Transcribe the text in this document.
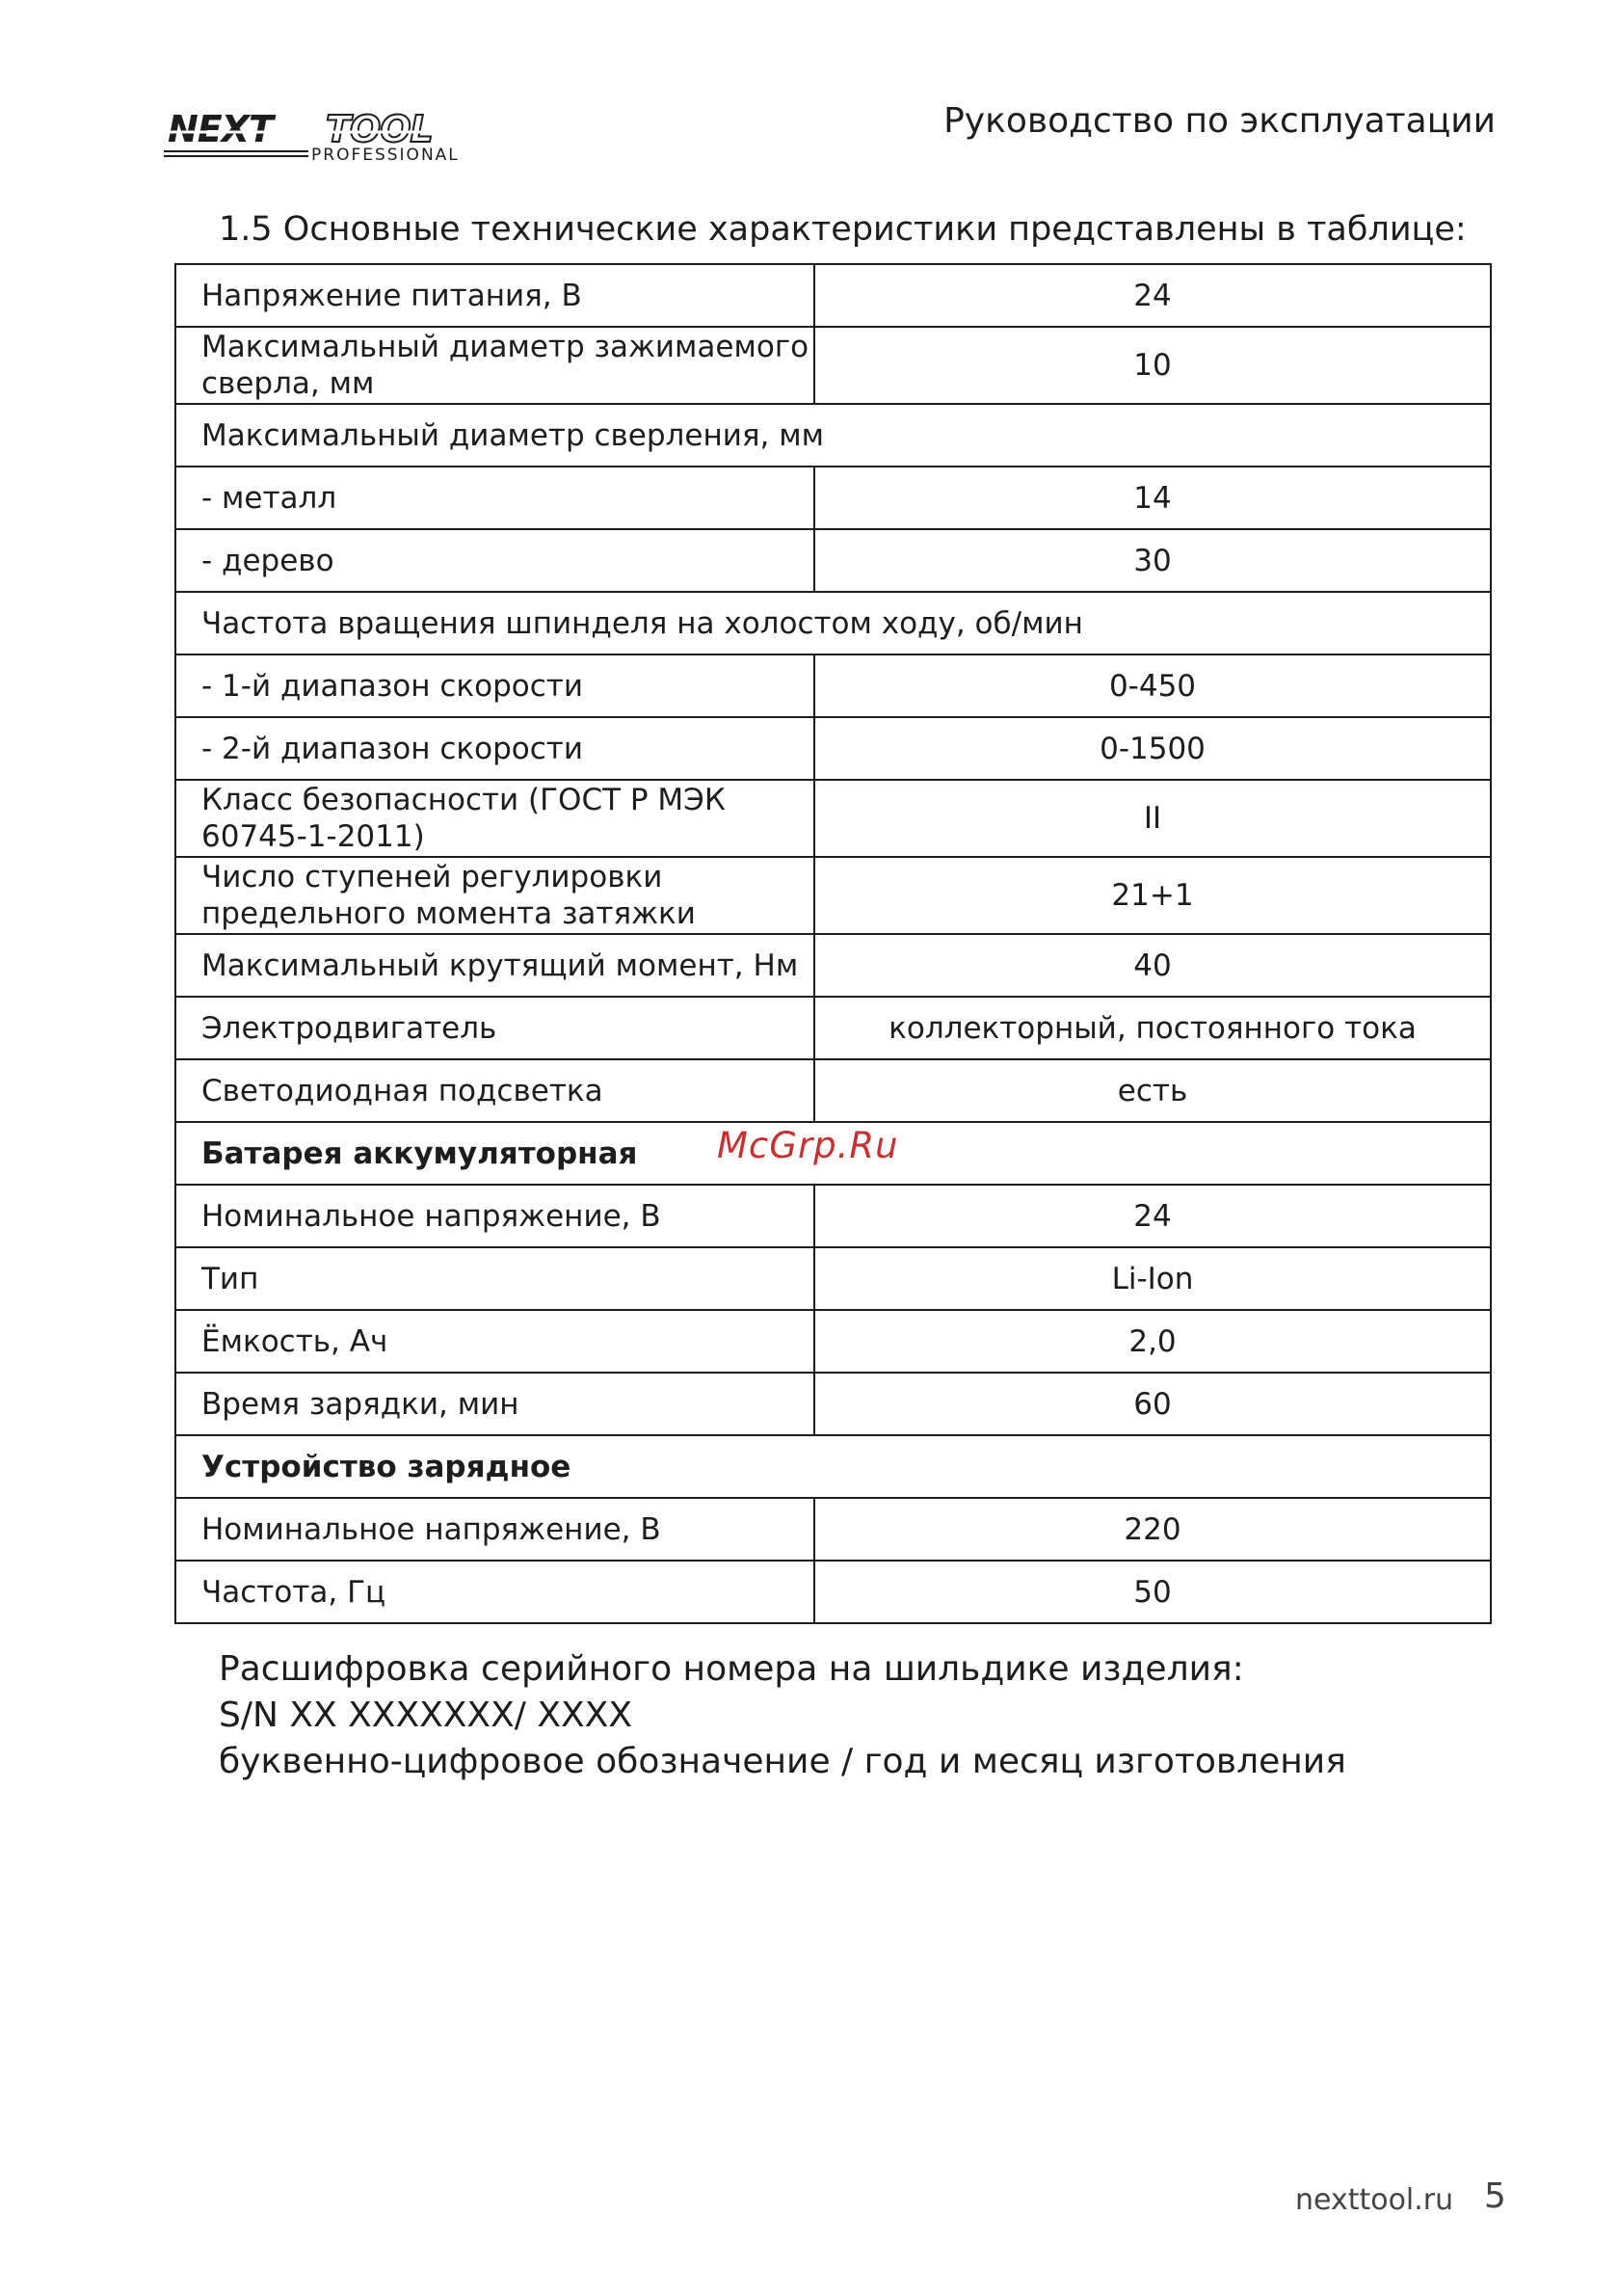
NEXT TOOL
PROFESSIONAL
Руководство по эксплуатации
1.5 Основные технические характеристики представлены в таблице:
Напряжение питания, В	24
Максимальный диаметр зажимаемого сверла, мм	10
Максимальный диаметр сверления, мм	
- металл	14
- дерево	30
Частота вращения шпинделя на холостом ходу, об/мин	
- 1-й диапазон скорости	0-450
- 2-й диапазон скорости	0-1500
Класс безопасности (ГОСТ Р МЭК 60745-1-2011)	II
Число ступеней регулировки предельного момента затяжки	21+1
Максимальный крутящий момент, Нм	40
Электродвигатель	коллекторный, постоянного тока
Светодиодная подсветка	есть
Батарея аккумуляторная	
Номинальное напряжение, В	24
Тип	Li-Ion
Ёмкость, Ач	2,0
Время зарядки, мин	60
Устройство зарядное	
Номинальное напряжение, В	220
Частота, Гц	50
McGrp.Ru
Расшифровка серийного номера на шильдике изделия:
S/N XX XXXXXXX/ XXXX
буквенно-цифровое обозначение / год и месяц изготовления
nexttool.ru 5
